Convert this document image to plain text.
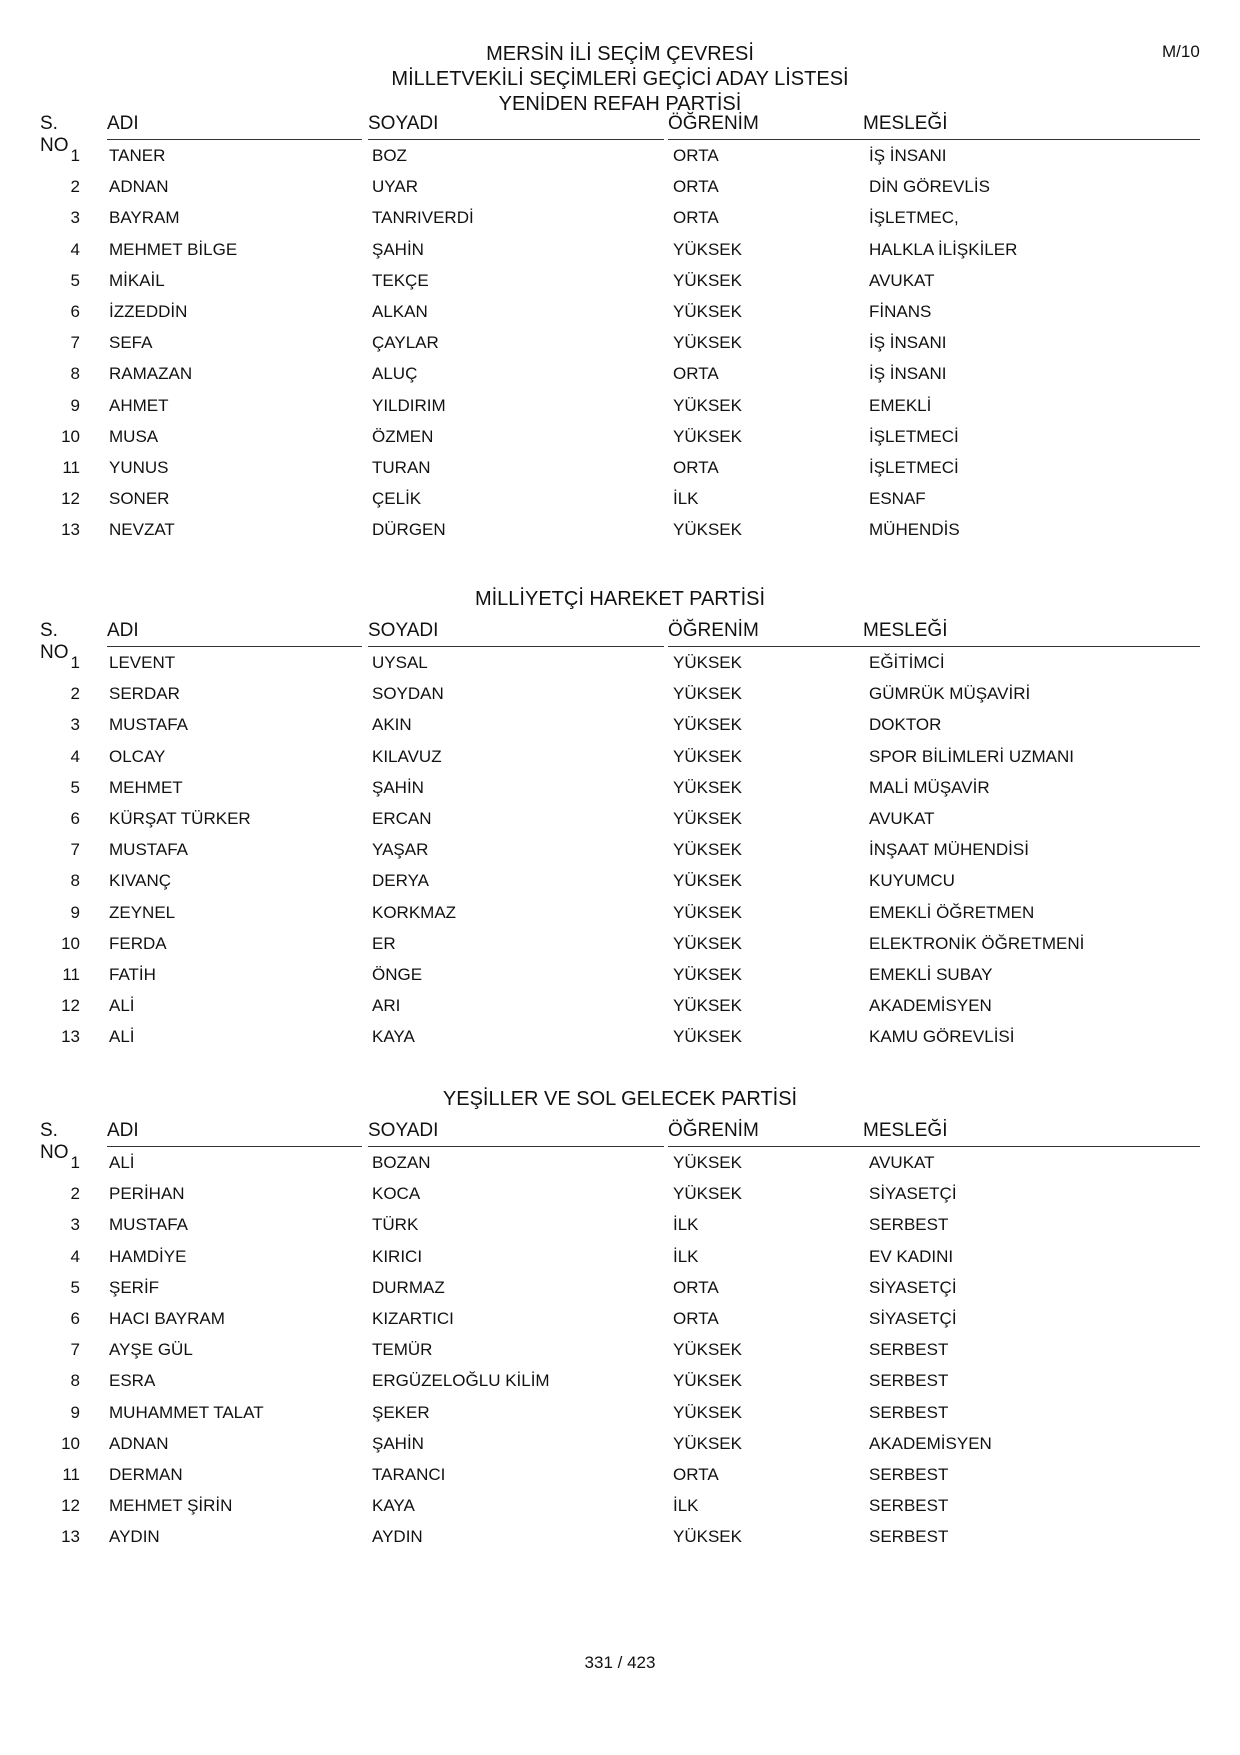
M/10
MERSİN İLİ SEÇİM ÇEVRESİ
MİLLETVEKİLİ SEÇİMLERİ GEÇİCİ ADAY LİSTESİ
YENİDEN REFAH PARTİSİ
S. NO
ADI	SOYADI	ÖĞRENİM	MESLEĞİ
1 TANER	BOZ	ORTA	İŞ İNSANI
2 ADNAN	UYAR	ORTA	DİN GÖREVLİS
3 BAYRAM	TANRIVERDİ	ORTA	İŞLETMEC,
4 MEHMET BİLGE	ŞAHİN	YÜKSEK	HALKLA İLİŞKİLER
5 MİKAİL	TEKÇE	YÜKSEK	AVUKAT
6 İZZEDDİN	ALKAN	YÜKSEK	FİNANS
7 SEFA	ÇAYLAR	YÜKSEK	İŞ İNSANI
8 RAMAZAN	ALUÇ	ORTA	İŞ İNSANI
9 AHMET	YILDIRIM	YÜKSEK	EMEKLİ
10 MUSA	ÖZMEN	YÜKSEK	İŞLETMECİ
11 YUNUS	TURAN	ORTA	İŞLETMECİ
12 SONER	ÇELİK	İLK	ESNAF
13 NEVZAT	DÜRGEN	YÜKSEK	MÜHENDİS
MİLLİYETÇİ HAREKET PARTİSİ
S. NO
ADI	SOYADI	ÖĞRENİM	MESLEĞİ
1 LEVENT	UYSAL	YÜKSEK	EĞİTİMCİ
2 SERDAR	SOYDAN	YÜKSEK	GÜMRÜK MÜŞAVİRİ
3 MUSTAFA	AKIN	YÜKSEK	DOKTOR
4 OLCAY	KILAVUZ	YÜKSEK	SPOR BİLİMLERİ UZMANI
5 MEHMET	ŞAHİN	YÜKSEK	MALİ MÜŞAVİR
6 KÜRŞAT TÜRKER	ERCAN	YÜKSEK	AVUKAT
7 MUSTAFA	YAŞAR	YÜKSEK	İNŞAAT MÜHENDİSİ
8 KIVANÇ	DERYA	YÜKSEK	KUYUMCU
9 ZEYNEL	KORKMAZ	YÜKSEK	EMEKLİ ÖĞRETMEN
10 FERDA	ER	YÜKSEK	ELEKTRONİK ÖĞRETMENİ
11 FATİH	ÖNGE	YÜKSEK	EMEKLİ SUBAY
12 ALİ	ARI	YÜKSEK	AKADEMİSYEN
13 ALİ	KAYA	YÜKSEK	KAMU GÖREVLİSİ
YEŞİLLER VE SOL GELECEK PARTİSİ
S. NO
ADI	SOYADI	ÖĞRENİM	MESLEĞİ
1 ALİ	BOZAN	YÜKSEK	AVUKAT
2 PERİHAN	KOCA	YÜKSEK	SİYASETÇİ
3 MUSTAFA	TÜRK	İLK	SERBEST
4 HAMDİYE	KIRICI	İLK	EV KADINI
5 ŞERİF	DURMAZ	ORTA	SİYASETÇİ
6 HACI BAYRAM	KIZARTICI	ORTA	SİYASETÇİ
7 AYŞE GÜL	TEMÜR	YÜKSEK	SERBEST
8 ESRA	ERGÜZELOĞLU KİLİM	YÜKSEK	SERBEST
9 MUHAMMET TALAT	ŞEKER	YÜKSEK	SERBEST
10 ADNAN	ŞAHİN	YÜKSEK	AKADEMİSYEN
11 DERMAN	TARANCI	ORTA	SERBEST
12 MEHMET ŞİRİN	KAYA	İLK	SERBEST
13 AYDIN	AYDIN	YÜKSEK	SERBEST
331 / 423
